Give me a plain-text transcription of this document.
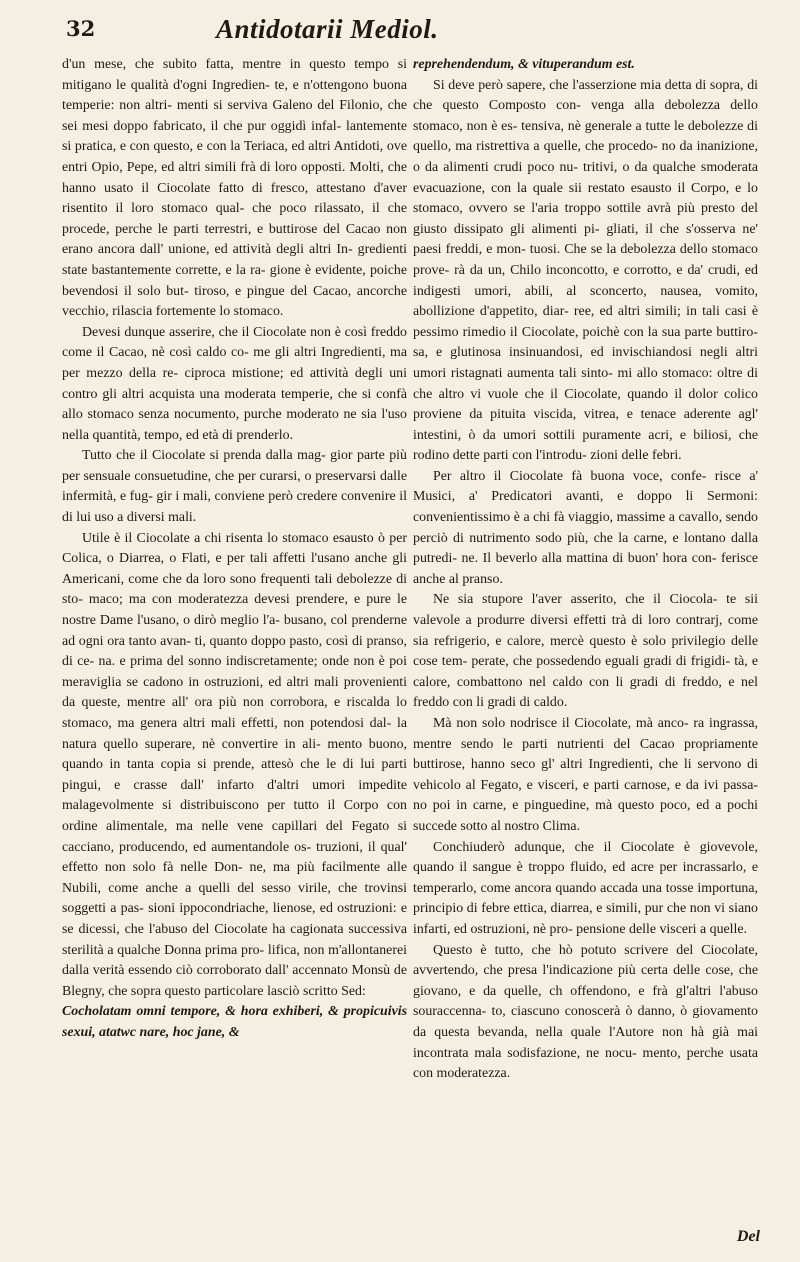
32	Antidotarii Mediol.

d'un mese, che subito fatta, mentre in questo tempo si mitigano le qualità d'ogni Ingredien- te, e n'ottengono buona temperie: non altri- menti si serviva Galeno del Filonio, che sei mesi doppo fabricato, il che pur oggidì infal- lantemente si pratica, e con questo, e con la Teriaca, ed altri Antidoti, ove entri Opio, Pepe, ed altri simili frà di loro opposti. Molti, che hanno usato il Ciocolate fatto di fresco, attestano d'aver risentito il loro stomaco qual- che poco rilassato, il che procede, perche le parti terrestri, e buttirose del Cacao non erano ancora dall' unione, ed attività degli altri In- gredienti state bastantemente corrette, e la ra- gione è evidente, poiche bevendosi il solo but- tiroso, e pingue del Cacao, ancorche vecchio, rilascia fortemente lo stomaco.

Devesi dunque asserire, che il Ciocolate non è così freddo come il Cacao, nè così caldo co- me gli altri Ingredienti, ma per mezzo della re- ciproca mistione; ed attività degli uni contro gli altri acquista una moderata temperie, che si confà allo stomaco senza nocumento, purche moderato ne sia l'uso nella quantità, tempo, ed età di prenderlo.

Tutto che il Ciocolate si prenda dalla mag- gior parte più per sensuale consuetudine, che per curarsi, o preservarsi dalle infermità, e fug- gir i mali, conviene però credere convenire il di lui uso a diversi mali.

Utile è il Ciocolate a chi risenta lo stomaco esausto ò per Colica, o Diarrea, o Flati, e per tali affetti l'usano anche gli Americani, come che da loro sono frequenti tali debolezze di sto- maco; ma con moderatezza devesi prendere, e pure le nostre Dame l'usano, o dirò meglio l'a- busano, col prenderne ad ogni ora tanto avan- ti, quanto doppo pasto, così di pranso, di ce- na. e prima del sonno indiscretamente; onde non è poi meraviglia se cadono in ostruzioni, ed altri mali provenienti da queste, mentre all' ora più non corrobora, e riscalda lo stomaco, ma genera altri mali effetti, non potendosi dal- la natura quello superare, nè convertire in ali- mento buono, quando in tanta copia si prende, attesò che le di lui parti pingui, e crasse dall' infarto d'altri umori impedite malagevolmente si distribuiscono per tutto il Corpo con ordine alimentale, ma nelle vene capillari del Fegato si cacciano, producendo, ed aumentandole os- truzioni, il qual' effetto non solo fà nelle Don- ne, ma più facilmente alle Nubili, come anche a quelli del sesso virile, che trovinsi soggetti a pas- sioni ippocondriache, lienose, ed ostruzioni: e se dicessi, che l'abuso del Ciocolate ha cagionata successiva sterilità a qualche Donna prima pro- lifica, non m'allontanerei dalla verità essendo ciò corroborato dall' accennato Monsù de Blegny, che sopra questo particolare lasciò scritto Sed:

Cocholatam omni tempore, & hora exhiberi, & propicuivis sexui, atatwc nare, hoc jane, &

reprehendendum, & vituperandum est.

Si deve però sapere, che l'asserzione mia detta di sopra, di che questo Composto con- venga alla debolezza dello stomaco, non è es- tensiva, nè generale a tutte le debolezze di quello, ma ristrettiva a quelle, che procedo- no da inanizione, o da alimenti crudi poco nu- tritivi, o da qualche smoderata evacuazione, con la quale sii restato esausto il Corpo, e lo stomaco, ovvero se l'aria troppo sottile avrà più presto del giusto dissipato gli alimenti pi- gliati, il che s'osserva ne' paesi freddi, e mon- tuosi. Che se la debolezza dello stomaco prove- rà da un, Chilo inconcotto, e corrotto, e da' crudi, ed indigesti umori, abili, al sconcerto, nausea, vomito, abollizione d'appetito, diar- ree, ed altri simili; in tali casi è pessimo rimedio il Ciocolate, poichè con la sua parte buttiro- sa, e glutinosa insinuandosi, ed invischiandosi negli altri umori ristagnati aumenta tali sinto- mi allo stomaco: oltre di che altro vi vuole che il Ciocolate, quando il dolor colico proviene da pituita viscida, vitrea, e tenace aderente agl' intestini, ò da umori sottili puramente acri, e biliosi, che rodino dette parti con l'introdu- zioni delle febri.

Per altro il Ciocolate fà buona voce, confe- risce a' Musici, a' Predicatori avanti, e doppo li Sermoni: convenientissimo è a chi fà viaggio, massime a cavallo, sendo perciò di nutrimento sodo più, che la carne, e lontano dalla putredi- ne. Il beverlo alla mattina di buon' hora con- ferisce anche al pranso.

Ne sia stupore l'aver asserito, che il Ciocola- te sii valevole a produrre diversi effetti trà di loro contrarj, come sia refrigerio, e calore, mercè questo è solo privilegio delle cose tem- perate, che possedendo eguali gradi di frigidi- tà, e calore, combattono nel caldo con li gradi di freddo, e nel freddo con li gradi di caldo.

Mà non solo nodrisce il Ciocolate, mà anco- ra ingrassa, mentre sendo le parti nutrienti del Cacao propriamente buttirose, hanno seco gl' altri Ingredienti, che li servono di vehicolo al Fegato, e visceri, e parti carnose, e da ivi passa- no poi in carne, e pinguedine, mà questo poco, ed a pochi succede sotto al nostro Clima.

Conchiuderò adunque, che il Ciocolate è giovevole, quando il sangue è troppo fluido, ed acre per incrassarlo, e temperarlo, come ancora quando accada una tosse importuna, principio di febre ettica, diarrea, e simili, pur che non vi siano infarti, ed ostruzioni, nè pro- pensione delle visceri a quelle.

Questo è tutto, che hò potuto scrivere del Ciocolate, avvertendo, che presa l'indicazione più certa delle cose, che giovano, e da quelle, ch offendono, e frà gl'altri l'abuso souraccenna- to, ciascuno conoscerà ò danno, ò giovamento da questa bevanda, nella quale l'Autore non hà già mai incontrata mala sodisfazione, ne nocu- mento, perche usata con moderatezza.

Del
